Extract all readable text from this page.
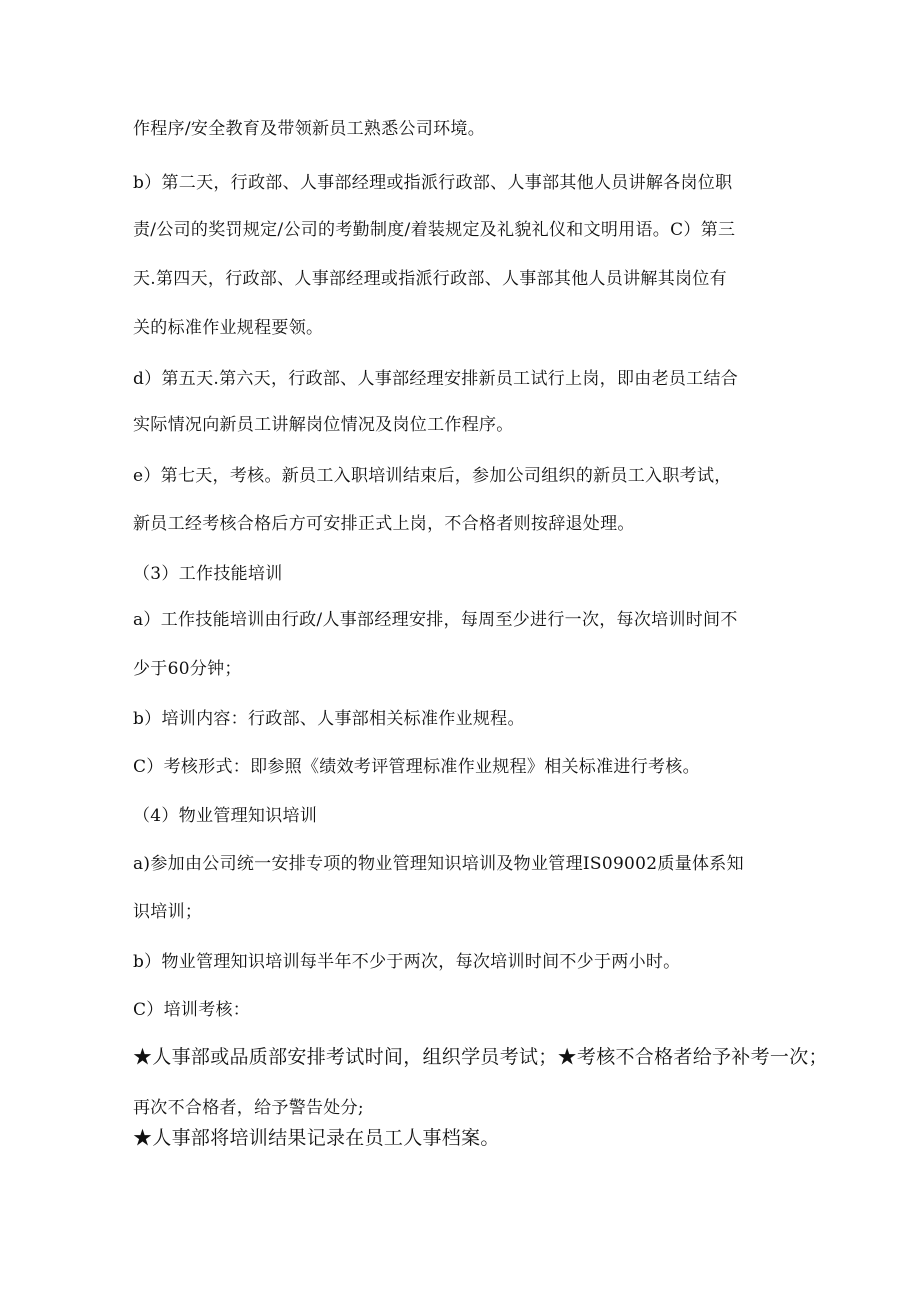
作程序/安全教育及带领新员工熟悉公司环境。
b）第二天，行政部、人事部经理或指派行政部、人事部其他人员讲解各岗位职
责/公司的奖罚规定/公司的考勤制度/着装规定及礼貌礼仪和文明用语。C）第三
天.第四天，行政部、人事部经理或指派行政部、人事部其他人员讲解其岗位有
关的标准作业规程要领。
d）第五天.第六天，行政部、人事部经理安排新员工试行上岗，即由老员工结合
实际情况向新员工讲解岗位情况及岗位工作程序。
e）第七天，考核。新员工入职培训结束后，参加公司组织的新员工入职考试，
新员工经考核合格后方可安排正式上岗，不合格者则按辞退处理。
（3）工作技能培训
a）工作技能培训由行政/人事部经理安排，每周至少进行一次，每次培训时间不
少于60分钟；
b）培训内容：行政部、人事部相关标准作业规程。
C）考核形式：即参照《绩效考评管理标准作业规程》相关标准进行考核。
（4）物业管理知识培训
a)参加由公司统一安排专项的物业管理知识培训及物业管理IS09002质量体系知
识培训；
b）物业管理知识培训每半年不少于两次，每次培训时间不少于两小时。
C）培训考核：
★人事部或品质部安排考试时间，组织学员考试；★考核不合格者给予补考一次；
再次不合格者，给予警告处分;
★人事部将培训结果记录在员工人事档案。
